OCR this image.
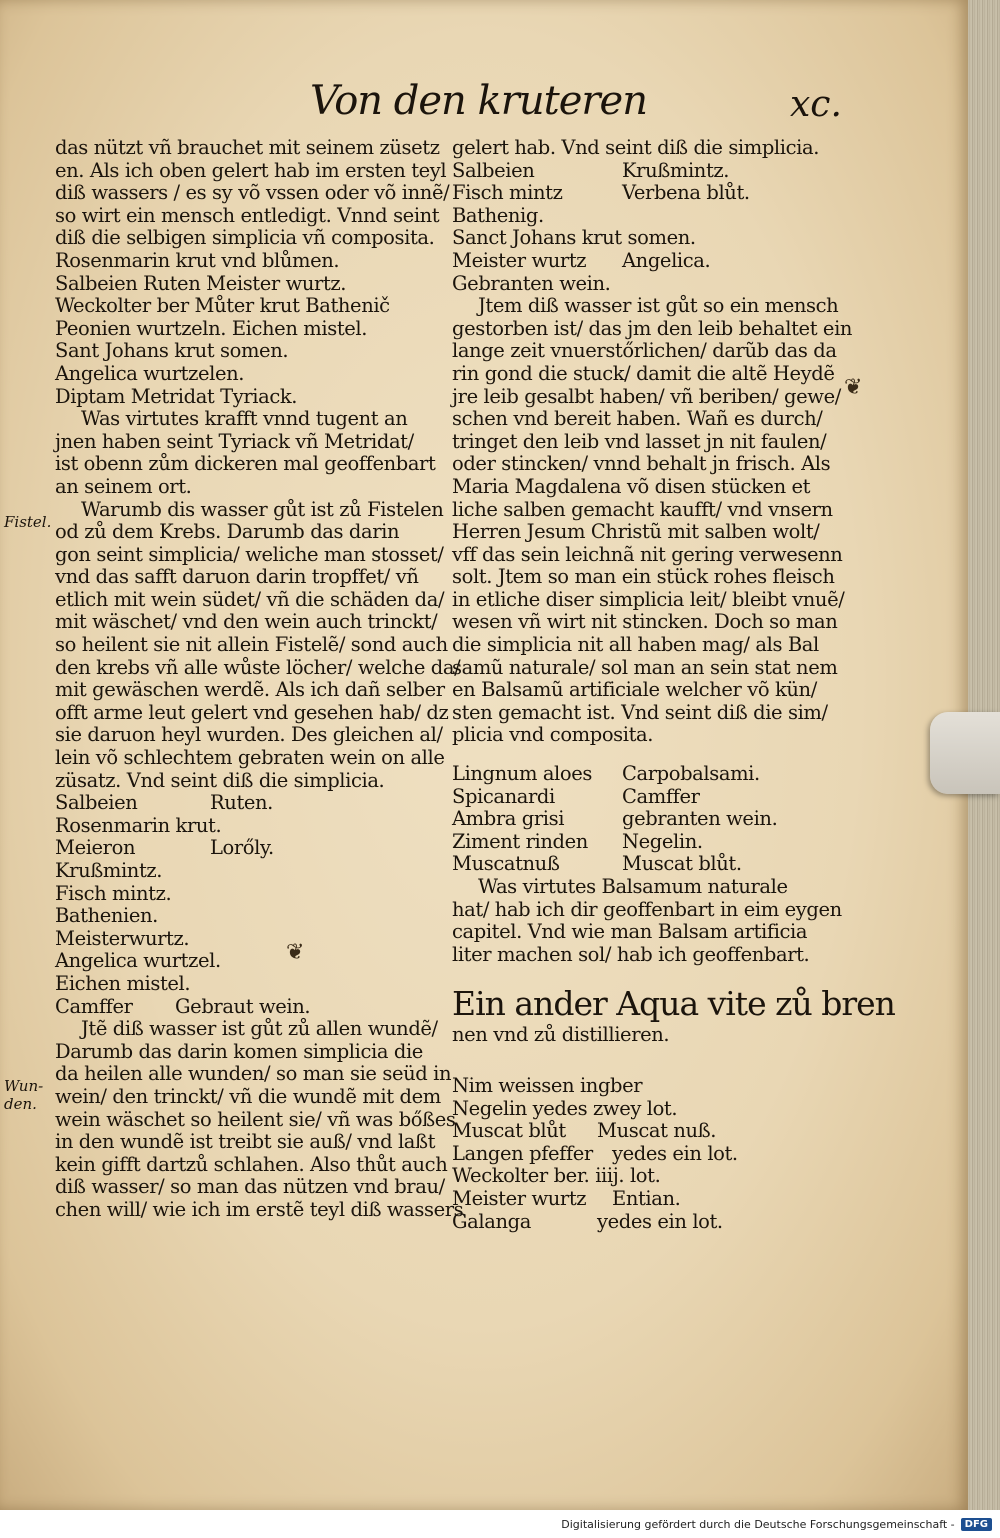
Von den kruteren	xc.
Fistel.
Wun-
den.
❦
❦
das nützt vñ brauchet mit seinem züsetz
en. Als ich oben gelert hab im ersten teyl
diß wassers / es sy võ vssen oder võ innẽ/
so wirt ein mensch entledigt. Vnnd seint
diß die selbigen simplicia vñ composita.
Rosenmarin krut vnd blůmen.
Salbeien Ruten Meister wurtz.
Weckolter ber Můter krut Bathenič
Peonien wurtzeln. Eichen mistel.
Sant Johans krut somen.
Angelica wurtzelen.
Diptam Metridat Tyriack.
Was virtutes krafft vnnd tugent an
jnen haben seint Tyriack vñ Metridat/
ist obenn zům dickeren mal geoffenbart
an seinem ort.
Warumb dis wasser gůt ist zů Fistelen
od zů dem Krebs. Darumb das darin
gon seint simplicia/ weliche man stosset/
vnd das safft daruon darin tropffet/ vñ
etlich mit wein südet/ vñ die schäden da/
mit wäschet/ vnd den wein auch trinckt/
so heilent sie nit allein Fistelẽ/ sond auch
den krebs vñ alle wůste löcher/ welche da/
mit gewäschen werdẽ. Als ich dañ selber
offt arme leut gelert vnd gesehen hab/ dz
sie daruon heyl wurden. Des gleichen al/
lein võ schlechtem gebraten wein on alle
züsatz. Vnd seint diß die simplicia.
Salbeien	Ruten.
Rosenmarin krut.
Meieron	Lorőly.
Krußmintz.
Fisch mintz.
Bathenien.
Meisterwurtz.
Angelica wurtzel.
Eichen mistel.
Camffer	Gebraut wein.
Jtẽ diß wasser ist gůt zů allen wundẽ/
Darumb das darin komen simplicia die
da heilen alle wunden/ so man sie seüd in
wein/ den trinckt/ vñ die wundẽ mit dem
wein wäschet so heilent sie/ vñ was bőßes
in den wundẽ ist treibt sie auß/ vnd laßt
kein gifft dartzů schlahen. Also thůt auch
diß wasser/ so man das nützen vnd brau/
chen will/ wie ich im erstẽ teyl diß wassers
gelert hab. Vnd seint diß die simplicia.
Salbeien	Krußmintz.
Fisch mintz	Verbena blůt.
Bathenig.
Sanct Johans krut somen.
Meister wurtz	Angelica.
Gebranten wein.
Jtem diß wasser ist gůt so ein mensch
gestorben ist/ das jm den leib behaltet ein
lange zeit vnuerstőrlichen/ darũb das da
rin gond die stuck/ damit die altẽ Heydẽ
jre leib gesalbt haben/ vñ beriben/ gewe/
schen vnd bereit haben. Wañ es durch/
tringet den leib vnd lasset jn nit faulen/
oder stincken/ vnnd behalt jn frisch. Als
Maria Magdalena võ disen stücken et
liche salben gemacht kaufft/ vnd vnsern
Herren Jesum Christũ mit salben wolt/
vff das sein leichnã nit gering verwesenn
solt. Jtem so man ein stück rohes fleisch
in etliche diser simplicia leit/ bleibt vnuẽ/
wesen vñ wirt nit stincken. Doch so man
die simplicia nit all haben mag/ als Bal
samũ naturale/ sol man an sein stat nem
en Balsamũ artificiale welcher võ kün/
sten gemacht ist. Vnd seint diß die sim/
plicia vnd composita.
Lingnum aloes	Carpobalsami.
Spicanardi	Camffer
Ambra grisi	gebranten wein.
Ziment rinden	Negelin.
Muscatnuß	Muscat blůt.
Was virtutes Balsamum naturale
hat/ hab ich dir geoffenbart in eim eygen
capitel. Vnd wie man Balsam artificia
liter machen sol/ hab ich geoffenbart.
Ein ander Aqua vite zů bren
nen vnd zů distillieren.
Nim weissen ingber
Negelin yedes zwey lot.
Muscat blůt	Muscat nuß.
Langen pfeffer yedes ein lot.
Weckolter ber. iiij. lot.
Meister wurtz	Entian.
Galanga	yedes ein lot.
Digitalisierung gefördert durch die Deutsche Forschungsgemeinschaft -	DFG
